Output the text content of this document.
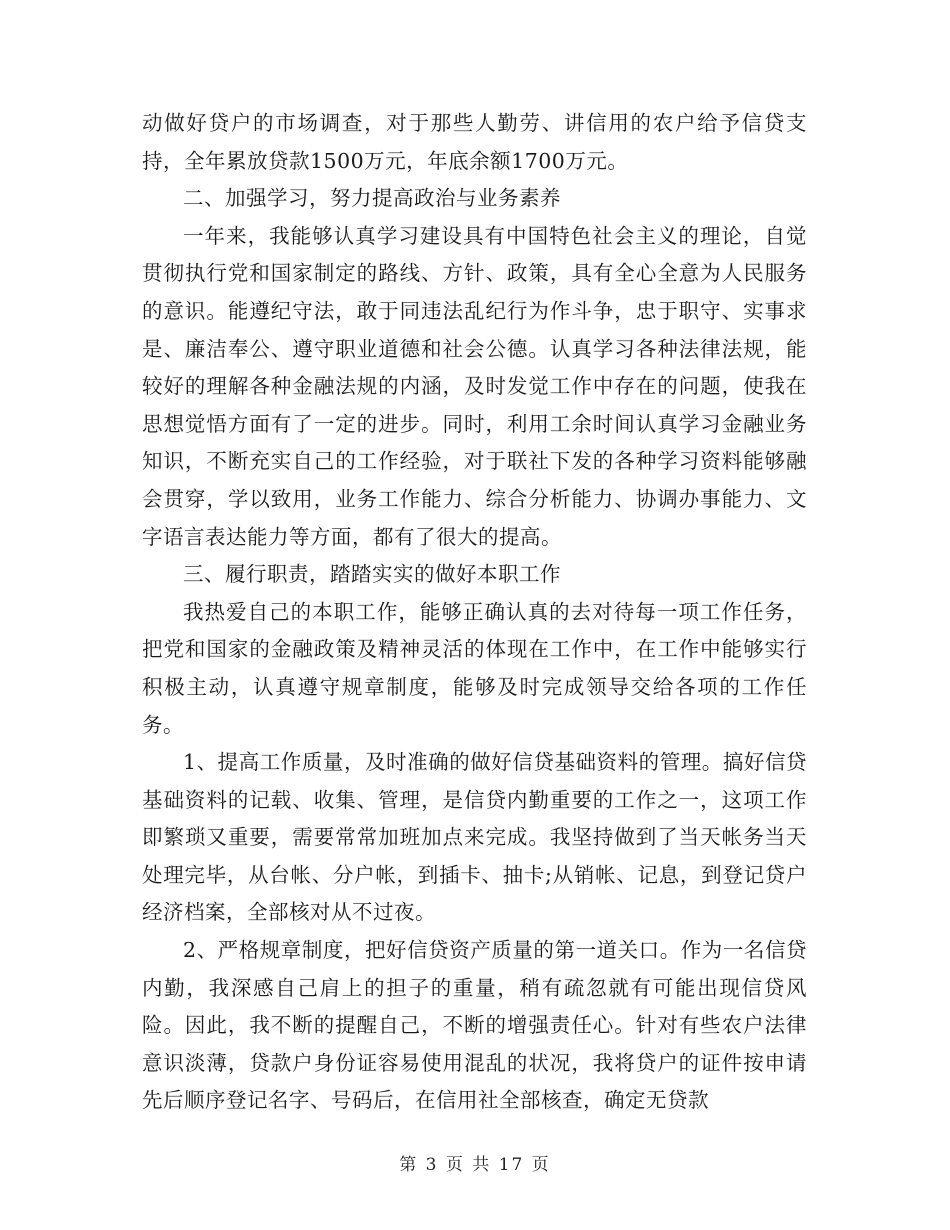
动做好贷户的市场调查，对于那些人勤劳、讲信用的农户给予信贷支持，全年累放贷款1500万元，年底余额1700万元。

二、加强学习，努力提高政治与业务素养

一年来，我能够认真学习建设具有中国特色社会主义的理论，自觉贯彻执行党和国家制定的路线、方针、政策，具有全心全意为人民服务的意识。能遵纪守法，敢于同违法乱纪行为作斗争，忠于职守、实事求是、廉洁奉公、遵守职业道德和社会公德。认真学习各种法律法规，能较好的理解各种金融法规的内涵，及时发觉工作中存在的问题，使我在思想觉悟方面有了一定的进步。同时，利用工余时间认真学习金融业务知识，不断充实自己的工作经验，对于联社下发的各种学习资料能够融会贯穿，学以致用，业务工作能力、综合分析能力、协调办事能力、文字语言表达能力等方面，都有了很大的提高。

三、履行职责，踏踏实实的做好本职工作

我热爱自己的本职工作，能够正确认真的去对待每一项工作任务，把党和国家的金融政策及精神灵活的体现在工作中，在工作中能够实行积极主动，认真遵守规章制度，能够及时完成领导交给各项的工作任务。

1、提高工作质量，及时准确的做好信贷基础资料的管理。搞好信贷基础资料的记载、收集、管理，是信贷内勤重要的工作之一，这项工作即繁琐又重要，需要常常加班加点来完成。我坚持做到了当天帐务当天处理完毕，从台帐、分户帐，到插卡、抽卡;从销帐、记息，到登记贷户经济档案，全部核对从不过夜。

2、严格规章制度，把好信贷资产质量的第一道关口。作为一名信贷内勤，我深感自己肩上的担子的重量，稍有疏忽就有可能出现信贷风险。因此，我不断的提醒自己，不断的增强责任心。针对有些农户法律意识淡薄，贷款户身份证容易使用混乱的状况，我将贷户的证件按申请先后顺序登记名字、号码后，在信用社全部核查，确定无贷款

第 3 页 共 17 页
